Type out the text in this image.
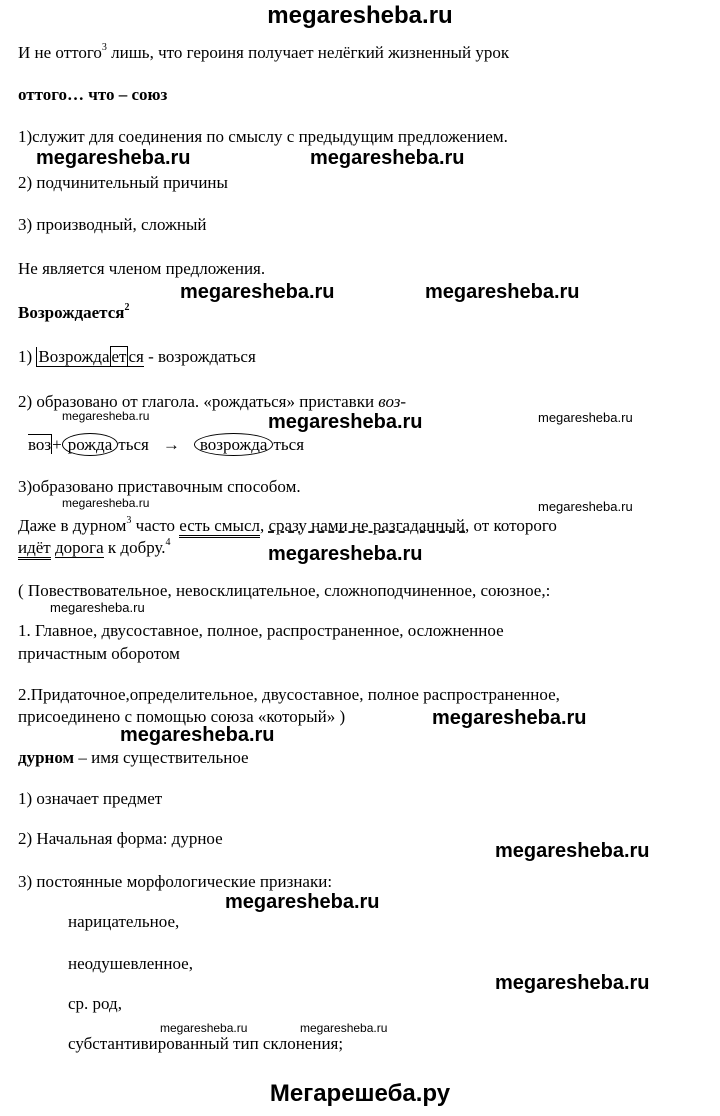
megaresheba.ru
И не оттого$^3$ лишь, что героиня получает нелёгкий жизненный урок
оттого… что – союз
1)служит для соединения по смыслу с предыдущим предложением.
megaresheba.ru	megaresheba.ru
2) подчинительный причины
3) производный, сложный
Не является членом предложения.
megaresheba.ru	megaresheba.ru
Возрождается$^2$
1) Возрожда ет ся - возрождаться
2) образовано от глагола. «рождаться» приставки воз-
megaresheba.ru	megaresheba.ru	megaresheba.ru
воз+ рожда ться → возрожда ться
3)образовано приставочным способом.
megaresheba.ru	megaresheba.ru
Даже в дурном$^3$ часто есть смысл, сразу нами не разгаданный, от которого
идёт дорога к добру.$^4$
megaresheba.ru
( Повествовательное, невосклицательное, сложноподчиненное, союзное,:
megaresheba.ru
1. Главное, двусоставное, полное, распространенное, осложненное
причастным оборотом
2.Придаточное,определительное, двусоставное, полное распространенное,
присоединено с помощью союза «который» )	megaresheba.ru
megaresheba.ru
дурном – имя существительное
1) означает предмет
2) Начальная форма: дурное
megaresheba.ru
3) постоянные морфологические признаки:
megaresheba.ru
нарицательное,
неодушевленное,
megaresheba.ru
ср. род,
megaresheba.ru	megaresheba.ru
субстантивированный тип склонения;
Мегарешеба.ру
